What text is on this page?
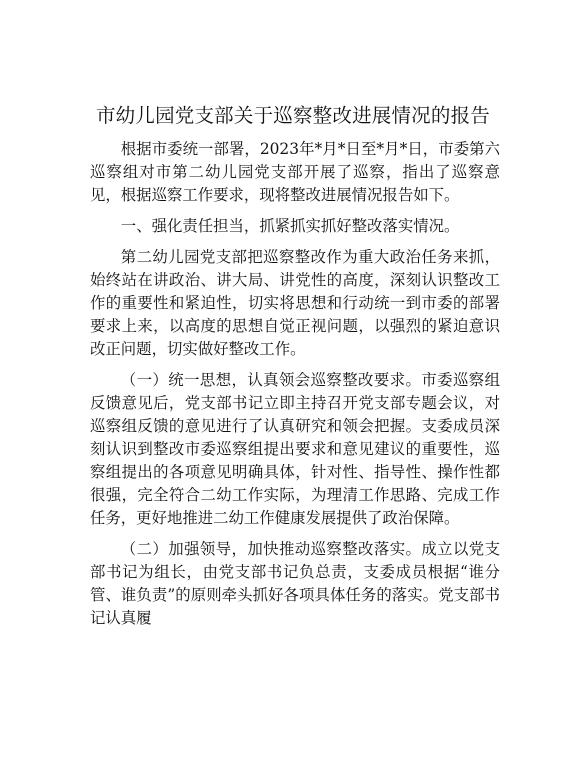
市幼儿园党支部关于巡察整改进展情况的报告

根据市委统一部署，2023年*月*日至*月*日，市委第六巡察组对市第二幼儿园党支部开展了巡察，指出了巡察意见，根据巡察工作要求，现将整改进展情况报告如下。

一、强化责任担当，抓紧抓实抓好整改落实情况。

第二幼儿园党支部把巡察整改作为重大政治任务来抓，始终站在讲政治、讲大局、讲党性的高度，深刻认识整改工作的重要性和紧迫性，切实将思想和行动统一到市委的部署要求上来，以高度的思想自觉正视问题，以强烈的紧迫意识改正问题，切实做好整改工作。

（一）统一思想，认真领会巡察整改要求。市委巡察组反馈意见后，党支部书记立即主持召开党支部专题会议，对巡察组反馈的意见进行了认真研究和领会把握。支委成员深刻认识到整改市委巡察组提出要求和意见建议的重要性，巡察组提出的各项意见明确具体，针对性、指导性、操作性都很强，完全符合二幼工作实际，为理清工作思路、完成工作任务，更好地推进二幼工作健康发展提供了政治保障。

（二）加强领导，加快推动巡察整改落实。成立以党支部书记为组长，由党支部书记负总责，支委成员根据“谁分管、谁负责”的原则牵头抓好各项具体任务的落实。党支部书记认真履
